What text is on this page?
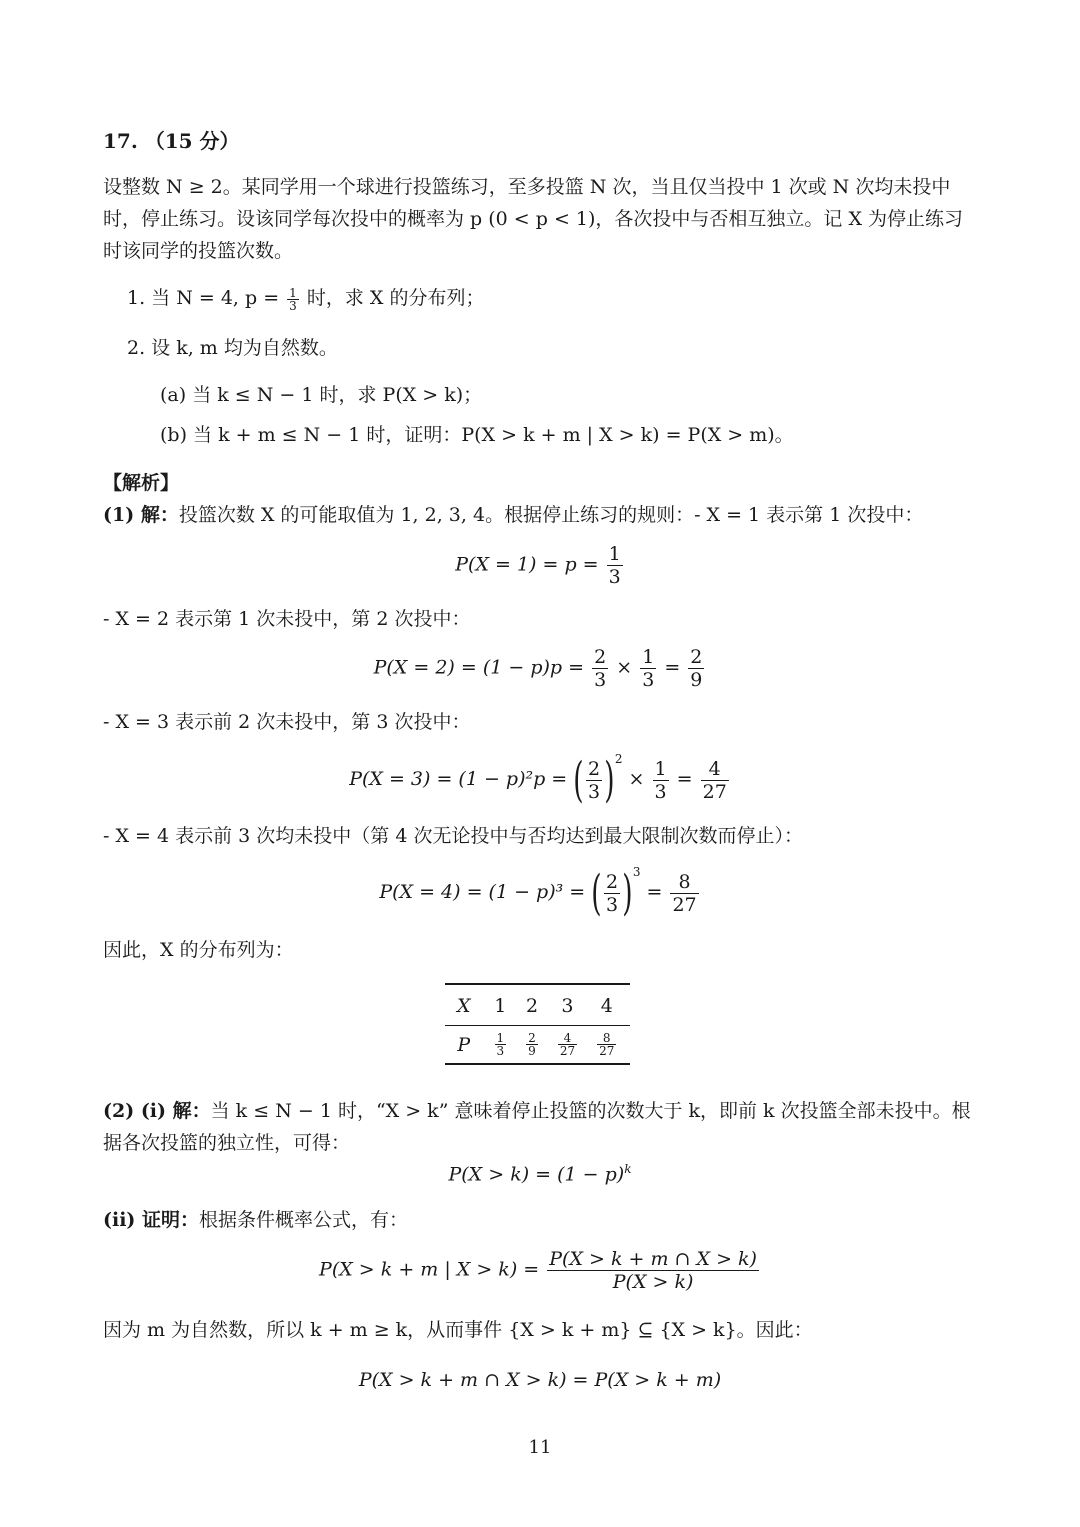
17. （15 分）
设整数 N ≥ 2。某同学用一个球进行投篮练习，至多投篮 N 次，当且仅当投中 1 次或 N 次均未投中
时，停止练习。设该同学每次投中的概率为 p (0 < p < 1)，各次投中与否相互独立。记 X 为停止练习
时该同学的投篮次数。
1. 当 N = 4, $p = \frac{1}{3}$ 时，求 X 的分布列；
2. 设 k, m 均为自然数。
(a) 当 k ≤ N − 1 时，求 P(X > k)；
(b) 当 k + m ≤ N − 1 时，证明：P(X > k + m | X > k) = P(X > m)。
【解析】
(1) 解：投篮次数 X 的可能取值为 1, 2, 3, 4。根据停止练习的规则：- X = 1 表示第 1 次投中：
$P(X = 1) = p = \frac{1}{3}$
- X = 2 表示第 1 次未投中，第 2 次投中：
$P(X = 2) = (1 - p)p = \frac{2}{3} \times \frac{1}{3} = \frac{2}{9}$
- X = 3 表示前 2 次未投中，第 3 次投中：
P(X = 3) = (1 − p)²p = ( $\frac{2}{3} )^2 \times \frac{1}{3} = \frac{4}{27}$
- X = 4 表示前 3 次均未投中（第 4 次无论投中与否均达到最大限制次数而停止）：
P(X = 4) = (1 − p)³ = ( $\frac{2}{3} )^3 = \frac{8}{27}$
因此，X 的分布列为：
X	1	2	3	4
P	$\frac{1}{3}$	$\frac{2}{9}$	$\frac{4}{27}$	$\frac{8}{27}$
(2) (i) 解：当 k ≤ N − 1 时，“X > k” 意味着停止投篮的次数大于 k，即前 k 次投篮全部未投中。根
据各次投篮的独立性，可得：
$P(X > k) = (1 - p)^k$
(ii) 证明：根据条件概率公式，有：
P(X > k + m | $X > k) = \frac{P(X > k + m \cap X > k)}{P(X > k)}$
因为 m 为自然数，所以 k + m ≥ k，从而事件 {X > k + m} ⊆ {X > k}。因此：
P(X > k + m ∩ X > k) = P(X > k + m)
11
